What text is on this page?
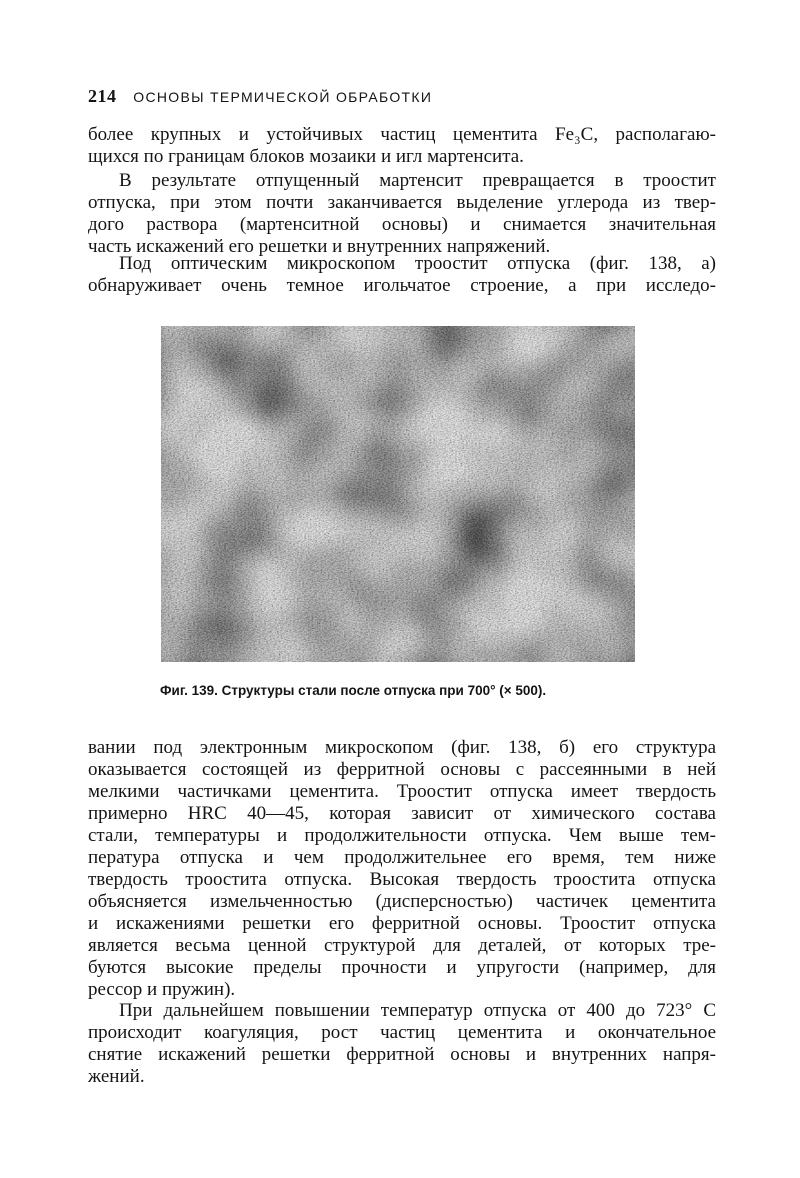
214 ОСНОВЫ ТЕРМИЧЕСКОЙ ОБРАБОТКИ

более крупных и устойчивых частиц цементита Fe₃C, располагаю-
щихся по границам блоков мозаики и игл мартенсита.

В результате отпущенный мартенсит превращается в троостит
отпуска, при этом почти заканчивается выделение углерода из твер-
дого раствора (мартенситной основы) и снимается значительная
часть искажений его решетки и внутренних напряжений.

Под оптическим микроскопом троостит отпуска (фиг. 138, а)
обнаруживает очень темное игольчатое строение, а при исследо-

Фиг. 139. Структуры стали после отпуска при 700° (× 500).

вании под электронным микроскопом (фиг. 138, б) его структура
оказывается состоящей из ферритной основы с рассеянными в ней
мелкими частичками цементита. Троостит отпуска имеет твердость
примерно HRC 40—45, которая зависит от химического состава
стали, температуры и продолжительности отпуска. Чем выше тем-
пература отпуска и чем продолжительнее его время, тем ниже
твердость троостита отпуска. Высокая твердость троостита отпуска
объясняется измельченностью (дисперсностью) частичек цементита
и искажениями решетки его ферритной основы. Троостит отпуска
является весьма ценной структурой для деталей, от которых тре-
буются высокие пределы прочности и упругости (например, для
рессор и пружин).

При дальнейшем повышении температур отпуска от 400 до 723° С
происходит коагуляция, рост частиц цементита и окончательное
снятие искажений решетки ферритной основы и внутренних напря-
жений.
